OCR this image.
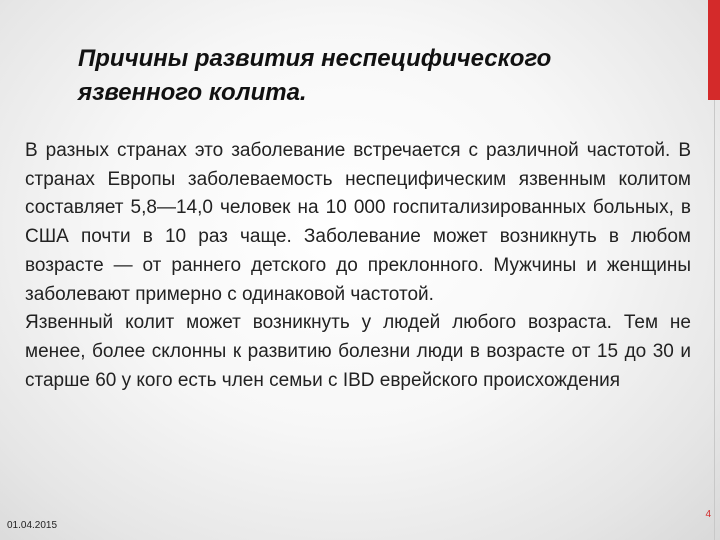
Причины развития неспецифического
язвенного колита.

В разных странах это заболевание встречается с различной частотой. В странах Европы заболеваемость неспецифическим язвенным колитом составляет 5,8—14,0 человек на 10 000 госпитализированных больных, в США почти в 10 раз чаще. Заболевание может возникнуть в любом возрасте — от раннего детского до преклонного. Мужчины и женщины заболевают примерно с одинаковой частотой.

Язвенный колит может возникнуть у людей любого возраста. Тем не менее, более склонны к развитию болезни люди в возрасте от 15 до 30 и старше 60 у кого есть член семьи с IBD еврейского происхождения

01.04.2015
4
